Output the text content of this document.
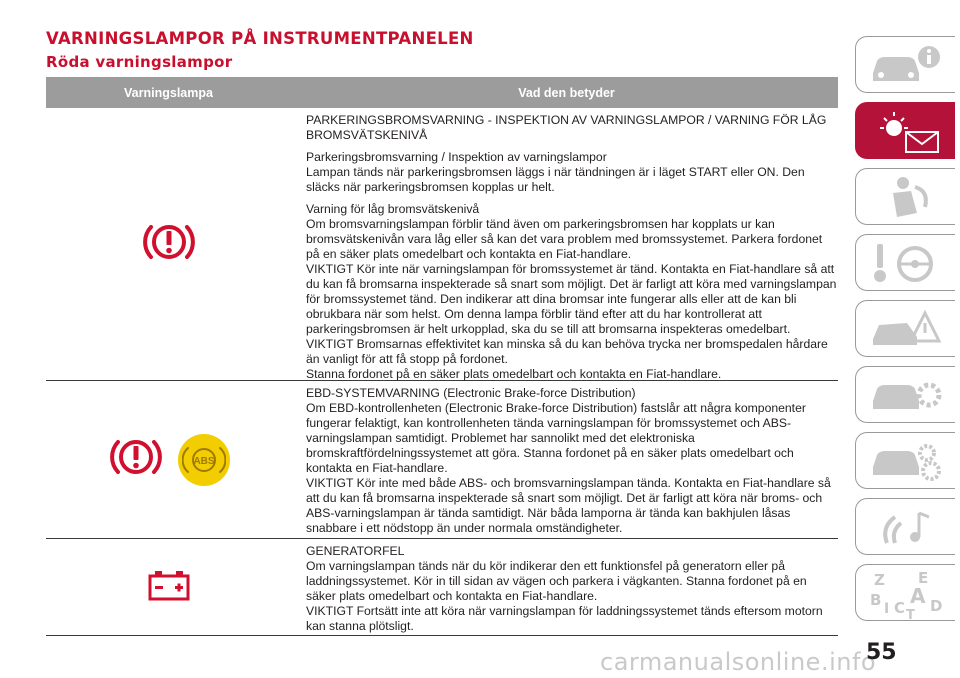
VARNINGSLAMPOR PÅ INSTRUMENTPANELEN
Röda varningslampor
Varningslampa	Vad den betyder

PARKERINGSBROMSVARNING - INSPEKTION AV VARNINGSLAMPOR / VARNING FÖR LÅG BROMSVÄTSKENIVÅ

Parkeringsbromsvarning / Inspektion av varningslampor
Lampan tänds när parkeringsbromsen läggs i när tändningen är i läget START eller ON. Den släcks när parkeringsbromsen kopplas ur helt.

Varning för låg bromsvätskenivå
Om bromsvarningslampan förblir tänd även om parkeringsbromsen har kopplats ur kan bromsvätskenivån vara låg eller så kan det vara problem med bromssystemet. Parkera fordonet på en säker plats omedelbart och kontakta en Fiat-handlare.
VIKTIGT Kör inte när varningslampan för bromssystemet är tänd. Kontakta en Fiat-handlare så att du kan få bromsarna inspekterade så snart som möjligt. Det är farligt att köra med varningslampan för bromssystemet tänd. Den indikerar att dina bromsar inte fungerar alls eller att de kan bli obrukbara när som helst. Om denna lampa förblir tänd efter att du har kontrollerat att parkeringsbromsen är helt urkopplad, ska du se till att bromsarna inspekteras omedelbart.
VIKTIGT Bromsarnas effektivitet kan minska så du kan behöva trycka ner bromspedalen hårdare än vanligt för att få stopp på fordonet.
Stanna fordonet på en säker plats omedelbart och kontakta en Fiat-handlare.

ABS

EBD-SYSTEMVARNING (Electronic Brake-force Distribution)
Om EBD-kontrollenheten (Electronic Brake-force Distribution) fastslår att några komponenter fungerar felaktigt, kan kontrollenheten tända varningslampan för bromssystemet och ABS-varningslampan samtidigt. Problemet har sannolikt med det elektroniska bromskraftfördelningssystemet att göra. Stanna fordonet på en säker plats omedelbart och kontakta en Fiat-handlare.
VIKTIGT Kör inte med både ABS- och bromsvarningslampan tända. Kontakta en Fiat-handlare så att du kan få bromsarna inspekterade så snart som möjligt. Det är farligt att köra när broms- och ABS-varningslampan är tända samtidigt. När båda lamporna är tända kan bakhjulen låsas snabbare i ett nödstopp än under normala omständigheter.

GENERATORFEL
Om varningslampan tänds när du kör indikerar den ett funktionsfel på generatorn eller på laddningssystemet. Kör in till sidan av vägen och parkera i vägkanten. Stanna fordonet på en säker plats omedelbart och kontakta en Fiat-handlare.
VIKTIGT Fortsätt inte att köra när varningslampan för laddningssystemet tänds eftersom motorn kan stanna plötsligt.

Z E
B A
I C D
T
carmanualsonline.info
55
